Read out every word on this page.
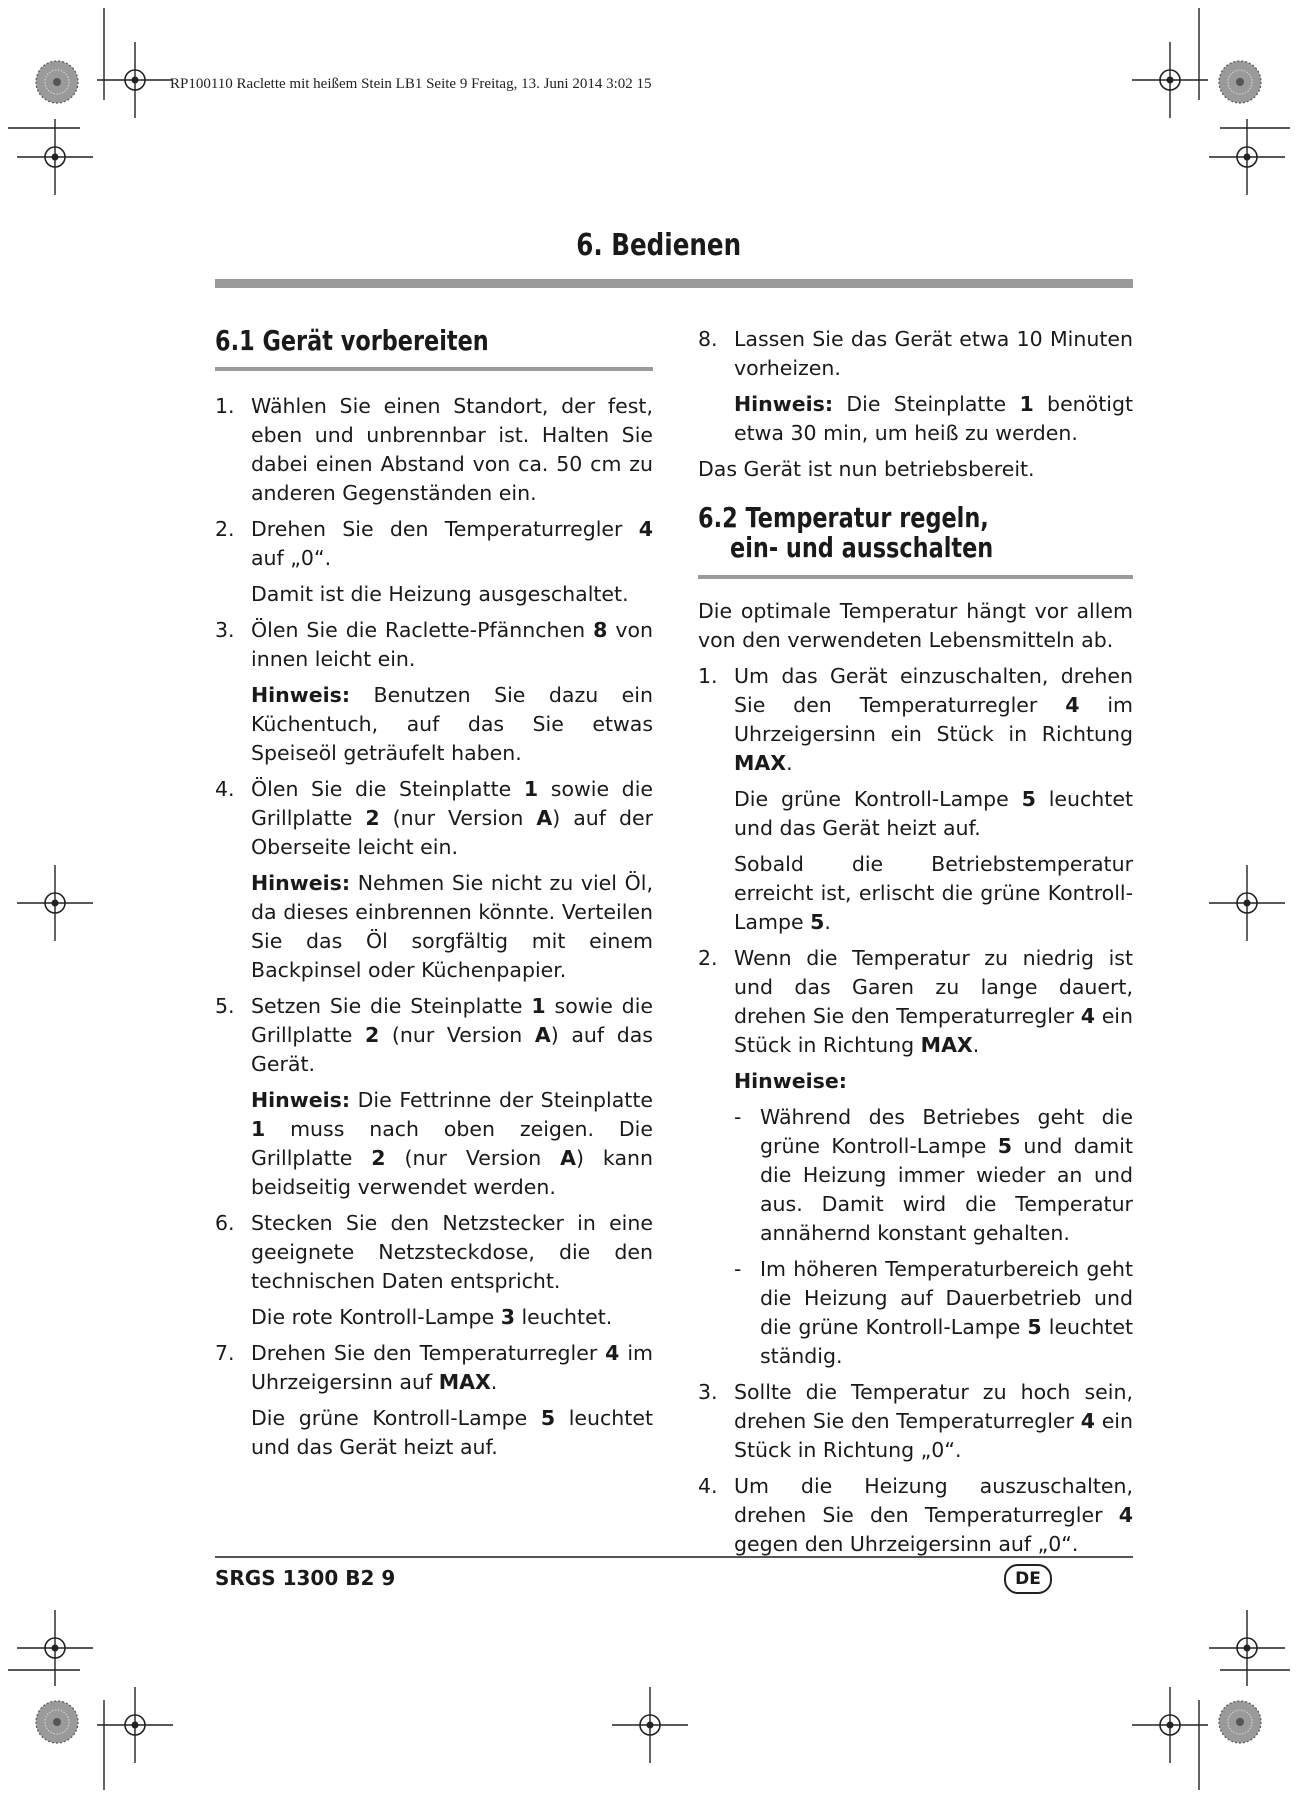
RP100110 Raclette mit heißem Stein LB1 Seite 9 Freitag, 13. Juni 2014 3:02 15
6. Bedienen
6.1 Gerät vorbereiten
1. Wählen Sie einen Standort, der fest, eben und unbrennbar ist. Halten Sie dabei einen Abstand von ca. 50 cm zu anderen Gegenständen ein.

2. Drehen Sie den Temperaturregler 4 auf „0“.

Damit ist die Heizung ausgeschaltet.

3. Ölen Sie die Raclette-Pfännchen 8 von innen leicht ein.

Hinweis: Benutzen Sie dazu ein Küchentuch, auf das Sie etwas Speiseöl geträufelt haben.

4. Ölen Sie die Steinplatte 1 sowie die Grillplatte 2 (nur Version A) auf der Oberseite leicht ein.

Hinweis: Nehmen Sie nicht zu viel Öl, da dieses einbrennen könnte. Verteilen Sie das Öl sorgfältig mit einem Backpinsel oder Küchenpapier.

5. Setzen Sie die Steinplatte 1 sowie die Grillplatte 2 (nur Version A) auf das Gerät.

Hinweis: Die Fettrinne der Steinplatte 1 muss nach oben zeigen. Die Grillplatte 2 (nur Version A) kann beidseitig verwendet werden.

6. Stecken Sie den Netzstecker in eine geeignete Netzsteckdose, die den technischen Daten entspricht.

Die rote Kontroll-Lampe 3 leuchtet.

7. Drehen Sie den Temperaturregler 4 im Uhrzeigersinn auf MAX.

Die grüne Kontroll-Lampe 5 leuchtet und das Gerät heizt auf.

8. Lassen Sie das Gerät etwa 10 Minuten vorheizen.

Hinweis: Die Steinplatte 1 benötigt etwa 30 min, um heiß zu werden.

Das Gerät ist nun betriebsbereit.

6.2 Temperatur regeln,
ein- und ausschalten

Die optimale Temperatur hängt vor allem von den verwendeten Lebensmitteln ab.

1. Um das Gerät einzuschalten, drehen Sie den Temperaturregler 4 im Uhrzeigersinn ein Stück in Richtung MAX.

Die grüne Kontroll-Lampe 5 leuchtet und das Gerät heizt auf.

Sobald die Betriebstemperatur erreicht ist, erlischt die grüne Kontroll-Lampe 5.

2. Wenn die Temperatur zu niedrig ist und das Garen zu lange dauert, drehen Sie den Temperaturregler 4 ein Stück in Richtung MAX.

Hinweise:

- Während des Betriebes geht die grüne Kontroll-Lampe 5 und damit die Heizung immer wieder an und aus. Damit wird die Temperatur annähernd konstant gehalten.
- Im höheren Temperaturbereich geht die Heizung auf Dauerbetrieb und die grüne Kontroll-Lampe 5 leuchtet ständig.
3. Sollte die Temperatur zu hoch sein, drehen Sie den Temperaturregler 4 ein Stück in Richtung „0“.

4. Um die Heizung auszuschalten, drehen Sie den Temperaturregler 4 gegen den Uhrzeigersinn auf „0“.

SRGS 1300 B2 9	DE
